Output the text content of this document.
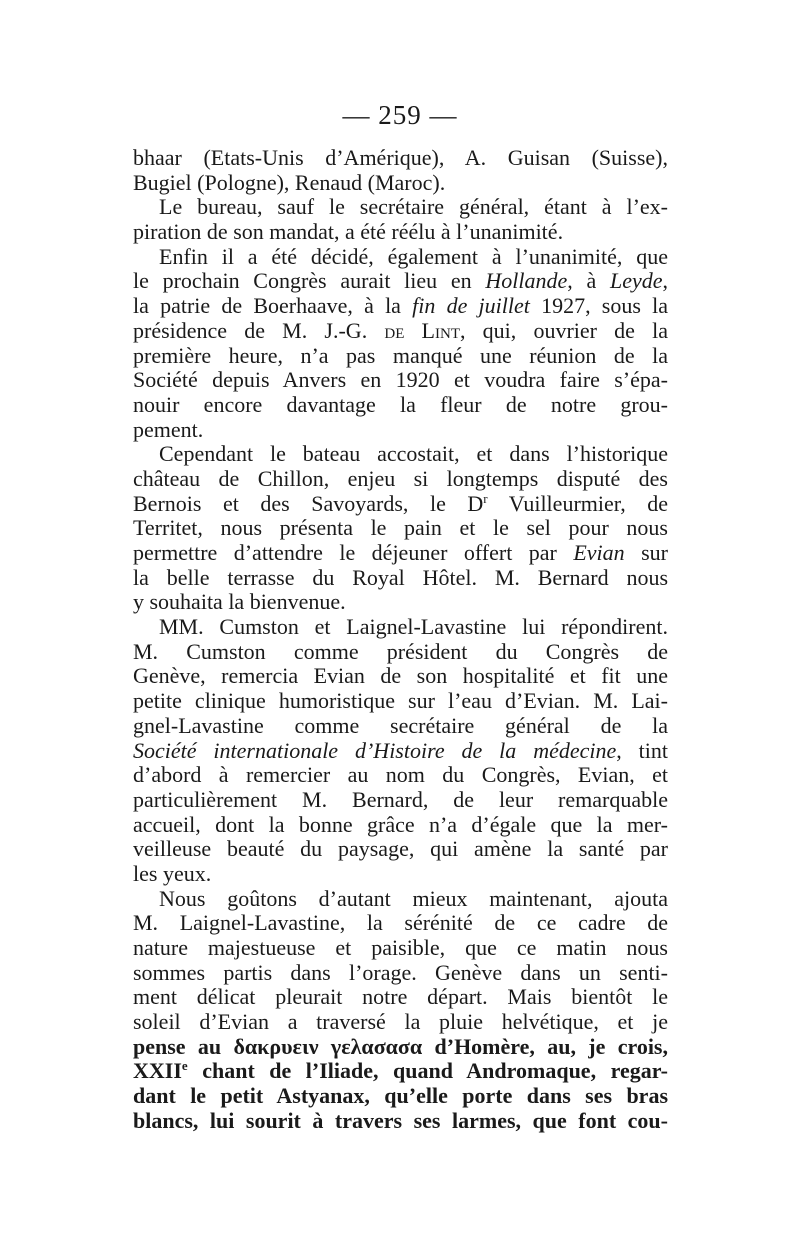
— 259 —
bhaar (Etats-Unis d’Amérique), A. Guisan (Suisse),
Bugiel (Pologne), Renaud (Maroc).
Le bureau, sauf le secrétaire général, étant à l’ex-
piration de son mandat, a été réélu à l’unanimité.
Enfin il a été décidé, également à l’unanimité, que
le prochain Congrès aurait lieu en Hollande, à Leyde,
la patrie de Boerhaave, à la fin de juillet 1927, sous la
présidence de M. J.-G. de Lint, qui, ouvrier de la
première heure, n’a pas manqué une réunion de la
Société depuis Anvers en 1920 et voudra faire s’épa-
nouir encore davantage la fleur de notre grou-
pement.
Cependant le bateau accostait, et dans l’historique
château de Chillon, enjeu si longtemps disputé des
Bernois et des Savoyards, le $D^r$ Vuilleurmier, de
Territet, nous présenta le pain et le sel pour nous
permettre d’attendre le déjeuner offert par Evian sur
la belle terrasse du Royal Hôtel. M. Bernard nous
y souhaita la bienvenue.
MM. Cumston et Laignel-Lavastine lui répondirent.
M. Cumston comme président du Congrès de
Genève, remercia Evian de son hospitalité et fit une
petite clinique humoristique sur l’eau d’Evian. M. Lai-
gnel-Lavastine comme secrétaire général de la
Société internationale d’Histoire de la médecine, tint
d’abord à remercier au nom du Congrès, Evian, et
particulièrement M. Bernard, de leur remarquable
accueil, dont la bonne grâce n’a d’égale que la mer-
veilleuse beauté du paysage, qui amène la santé par
les yeux.
Nous goûtons d’autant mieux maintenant, ajouta
M. Laignel-Lavastine, la sérénité de ce cadre de
nature majestueuse et paisible, que ce matin nous
sommes partis dans l’orage. Genève dans un senti-
ment délicat pleurait notre départ. Mais bientôt le
soleil d’Evian a traversé la pluie helvétique, et je
pense au δακρυειν γελασασα d’Homère, au, je crois,
XXIIe chant de l’Iliade, quand Andromaque, regar-
dant le petit Astyanax, qu’elle porte dans ses bras
blancs, lui sourit à travers ses larmes, que font cou-
